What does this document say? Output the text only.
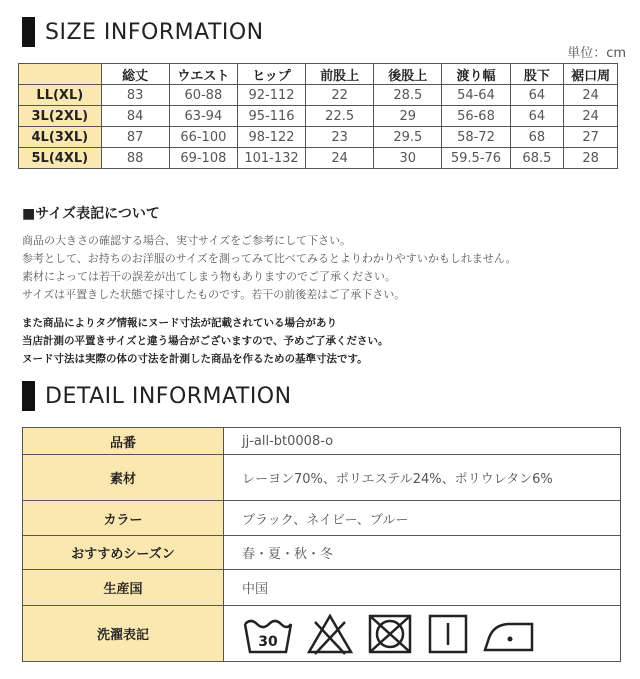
SIZE INFORMATION
単位：cm
	総丈	ウエスト	ヒップ	前股上	後股上	渡り幅	股下	裾口周
LL(XL)	83	60-88	92-112	22	28.5	54-64	64	24
3L(2XL)	84	63-94	95-116	22.5	29	56-68	64	24
4L(3XL)	87	66-100	98-122	23	29.5	58-72	68	27
5L(4XL)	88	69-108	101-132	24	30	59.5-76	68.5	28
■サイズ表記について
商品の大きさの確認する場合、実寸サイズをご参考にして下さい。
参考として、お持ちのお洋服のサイズを測ってみて比べてみるとよりわかりやすいかもしれません。
素材によっては若干の誤差が出てしまう物もありますのでご了承ください。
サイズは平置きした状態で採寸したものです。若干の前後差はご了承下さい。
また商品によりタグ情報にヌード寸法が記載されている場合があり
当店計測の平置きサイズと違う場合がございますので、予めご了承ください。
ヌード寸法は実際の体の寸法を計測した商品を作るための基準寸法です。
DETAIL INFORMATION
品番	jj-all-bt0008-o
素材	レーヨン70%、ポリエステル24%、ポリウレタン6%
カラー	ブラック、ネイビー、ブルー
おすすめシーズン	春・夏・秋・冬
生産国	中国
洗濯表記	30
